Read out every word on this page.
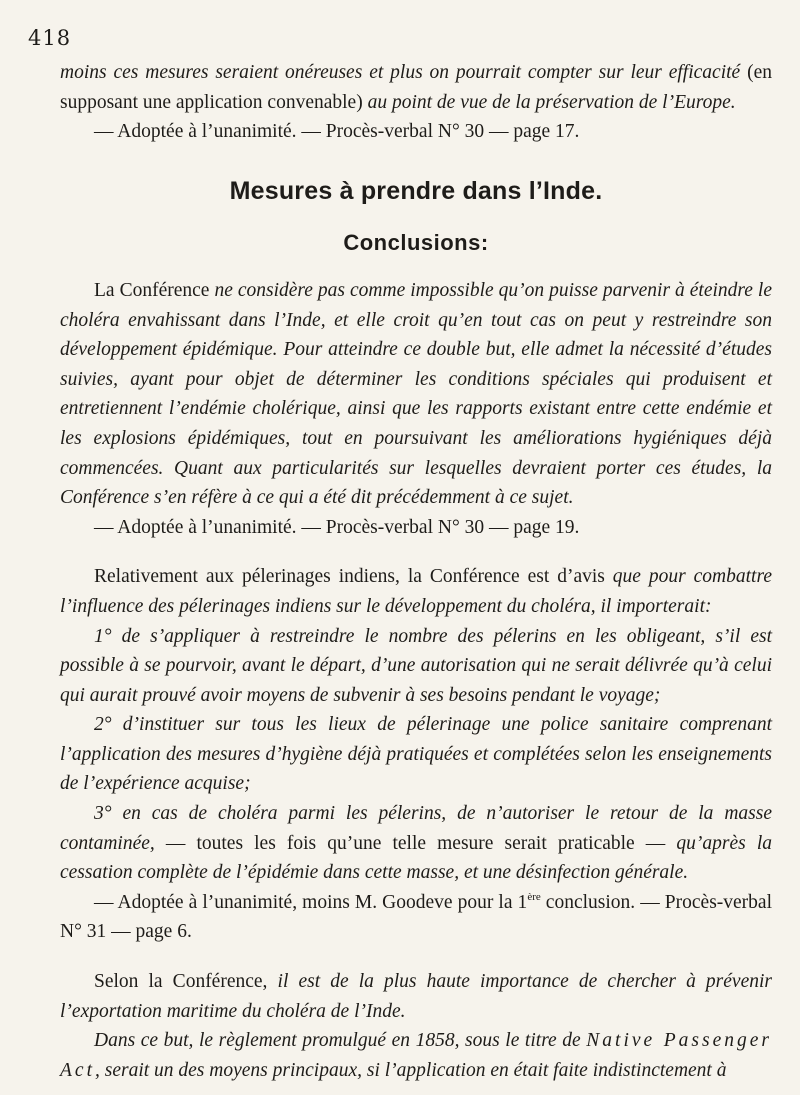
418

moins ces mesures seraient onéreuses et plus on pourrait compter sur leur efficacité (en supposant une application convenable) au point de vue de la préservation de l’Europe.

— Adoptée à l’unanimité. — Procès-verbal N° 30 — page 17.

Mesures à prendre dans l’Inde.

Conclusions:

La Conférence ne considère pas comme impossible qu’on puisse parvenir à éteindre le choléra envahissant dans l’Inde, et elle croit qu’en tout cas on peut y restreindre son développement épidémique. Pour atteindre ce double but, elle admet la nécessité d’études suivies, ayant pour objet de déterminer les conditions spéciales qui produisent et entretiennent l’endémie cholérique, ainsi que les rapports existant entre cette endémie et les explosions épidémiques, tout en poursuivant les améliorations hygiéniques déjà commencées. Quant aux particularités sur lesquelles devraient porter ces études, la Conférence s’en réfère à ce qui a été dit précédemment à ce sujet.

— Adoptée à l’unanimité. — Procès-verbal N° 30 — page 19.

Relativement aux pélerinages indiens, la Conférence est d’avis que pour combattre l’influence des pélerinages indiens sur le développement du choléra, il importerait:

1° de s’appliquer à restreindre le nombre des pélerins en les obligeant, s’il est possible à se pourvoir, avant le départ, d’une autorisation qui ne serait délivrée qu’à celui qui aurait prouvé avoir moyens de subvenir à ses besoins pendant le voyage;

2° d’instituer sur tous les lieux de pélerinage une police sanitaire comprenant l’application des mesures d’hygiène déjà pratiquées et complétées selon les enseignements de l’expérience acquise;

3° en cas de choléra parmi les pélerins, de n’autoriser le retour de la masse contaminée, — toutes les fois qu’une telle mesure serait praticable — qu’après la cessation complète de l’épidémie dans cette masse, et une désinfection générale.

— Adoptée à l’unanimité, moins M. Goodeve pour la 1ère conclusion. — Procès-verbal N° 31 — page 6.

Selon la Conférence, il est de la plus haute importance de chercher à prévenir l’exportation maritime du choléra de l’Inde.

Dans ce but, le règlement promulgué en 1858, sous le titre de Native Passenger Act, serait un des moyens principaux, si l’application en était faite indistinctement à
